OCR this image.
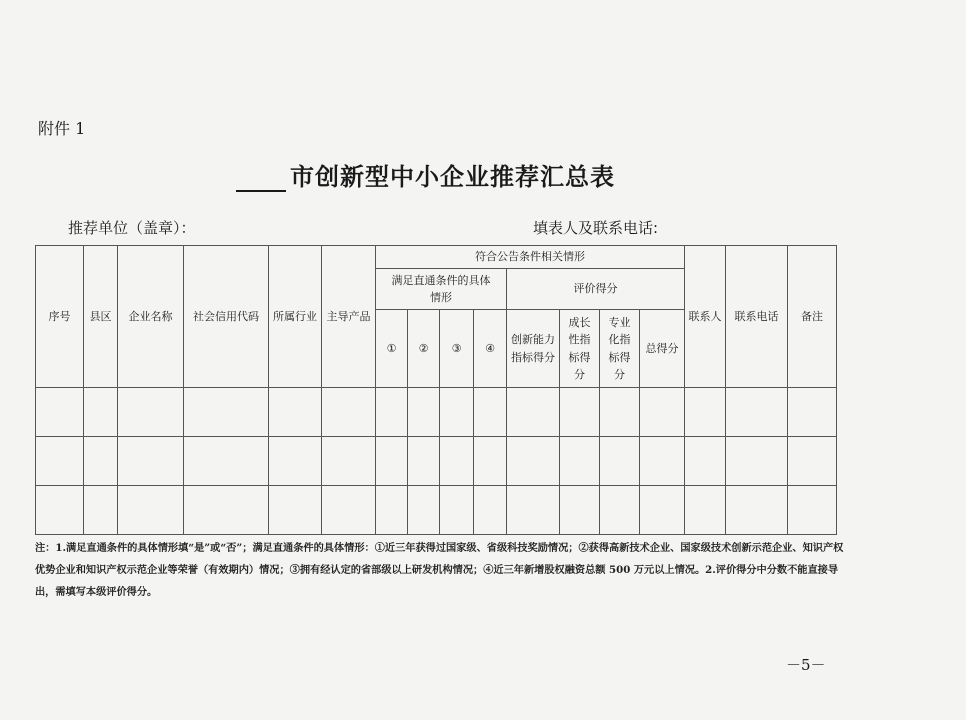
附件 1
市创新型中小企业推荐汇总表
推荐单位（盖章）：	填表人及联系电话:
序号	县区	企业名称	社会信用代码	所属行业	主导产品	符合公告条件相关情形								联系人	联系电话	备注
						满足直通条件的具体情形				评价得分						
						①	②	③	④	创新能力指标得分	成长性指标得分	专业化指标得分	总得分			

注：1.满足直通条件的具体情形填“是”或“否”；满足直通条件的具体情形：①近三年获得过国家级、省级科技奖励情况；②获得高新技术企业、国家级技术创新示范企业、知识产权优势企业和知识产权示范企业等荣誉（有效期内）情况；③拥有经认定的省部级以上研发机构情况；④近三年新增股权融资总额 500 万元以上情况。2.评价得分中分数不能直接导出，需填写本级评价得分。
－5－
